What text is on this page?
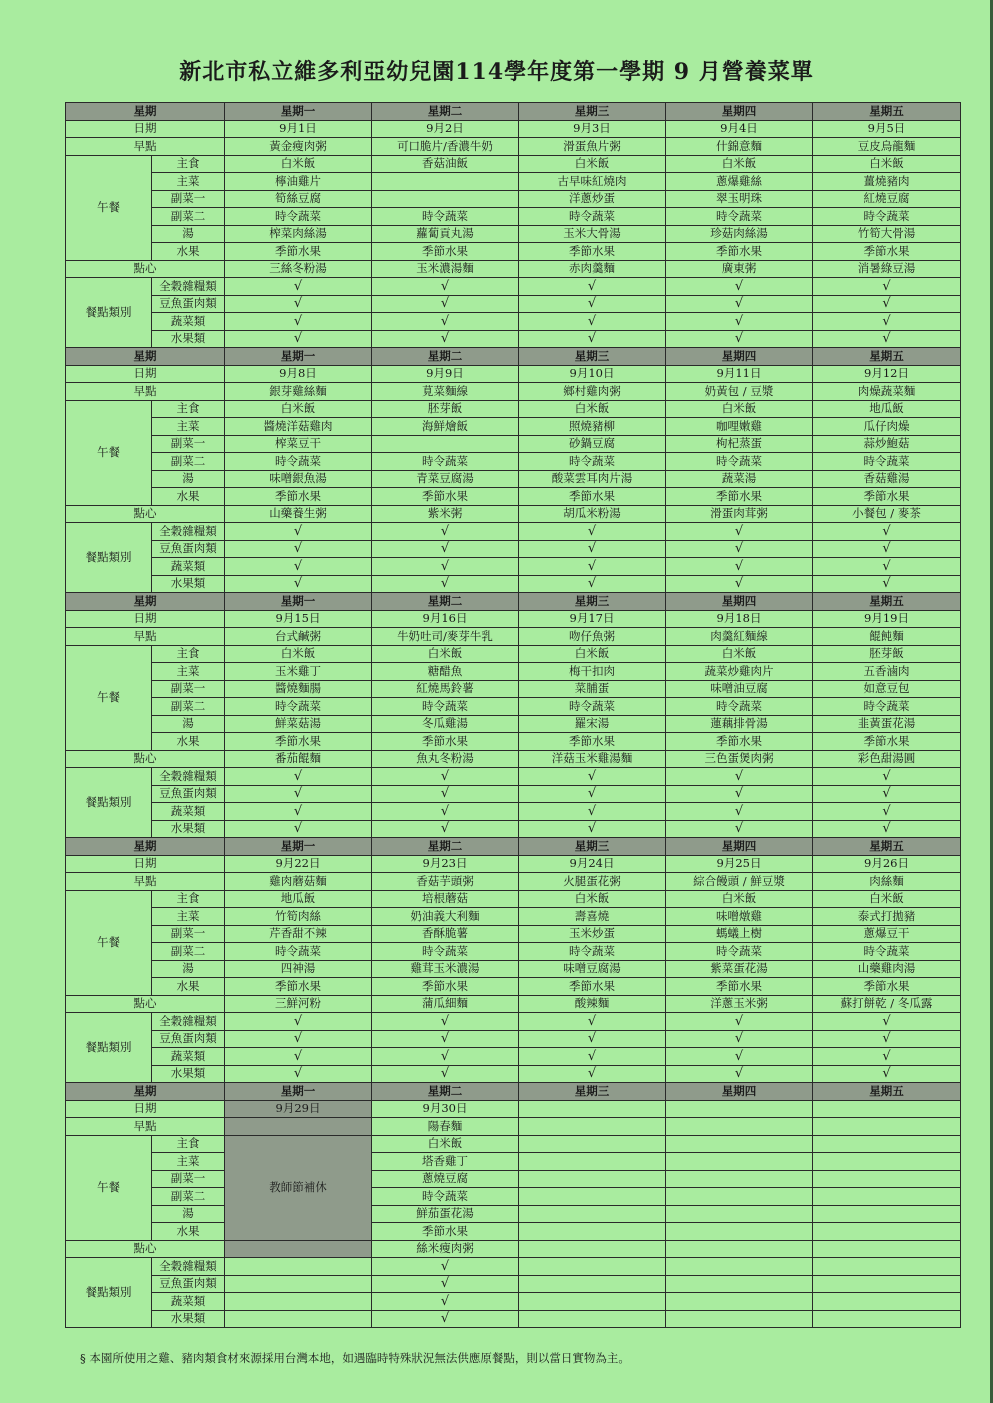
新北市私立維多利亞幼兒園114學年度第一學期 9 月營養菜單
星期		星期一	星期二	星期三	星期四	星期五
日期		9月1日	9月2日	9月3日	9月4日	9月5日
早點		黃金瘦肉粥	可口脆片/香濃牛奶	滑蛋魚片粥	什錦意麵	豆皮烏龍麵
午餐	主食	白米飯	香菇油飯	白米飯	白米飯	白米飯
	主菜	檸油雞片		古早味紅燒肉	蔥爆雞絲	薑燒豬肉
	副菜一	筍絲豆腐		洋蔥炒蛋	翠玉明珠	紅燒豆腐
	副菜二	時令蔬菜	時令蔬菜	時令蔬菜	時令蔬菜	時令蔬菜
	湯	榨菜肉絲湯	蘿蔔貢丸湯	玉米大骨湯	珍菇肉絲湯	竹筍大骨湯
	水果	季節水果	季節水果	季節水果	季節水果	季節水果
點心		三絲冬粉湯	玉米濃湯麵	赤肉羹麵	廣東粥	消暑綠豆湯
餐點類別	全穀雜糧類	√	√	√	√	√
	豆魚蛋肉類	√	√	√	√	√
	蔬菜類	√	√	√	√	√
	水果類	√	√	√	√	√
星期		星期一	星期二	星期三	星期四	星期五
日期		9月8日	9月9日	9月10日	9月11日	9月12日
早點		銀芽雞絲麵	莧菜麵線	鄉村雞肉粥	奶黃包 / 豆漿	肉燥蔬菜麵
午餐	主食	白米飯	胚芽飯	白米飯	白米飯	地瓜飯
	主菜	醬燒洋菇雞肉	海鮮燴飯	照燒豬柳	咖哩嫩雞	瓜仔肉燥
	副菜一	榨菜豆干		砂鍋豆腐	枸杞蒸蛋	蒜炒鮑菇
	副菜二	時令蔬菜	時令蔬菜	時令蔬菜	時令蔬菜	時令蔬菜
	湯	味噌銀魚湯	青菜豆腐湯	酸菜雲耳肉片湯	蔬菜湯	香菇雞湯
	水果	季節水果	季節水果	季節水果	季節水果	季節水果
點心		山藥養生粥	紫米粥	胡瓜米粉湯	滑蛋肉茸粥	小餐包 / 麥茶
餐點類別	全穀雜糧類	√	√	√	√	√
	豆魚蛋肉類	√	√	√	√	√
	蔬菜類	√	√	√	√	√
	水果類	√	√	√	√	√
星期		星期一	星期二	星期三	星期四	星期五
日期		9月15日	9月16日	9月17日	9月18日	9月19日
早點		台式鹹粥	牛奶吐司/麥芽牛乳	吻仔魚粥	肉羹紅麵線	餛飩麵
午餐	主食	白米飯	白米飯	白米飯	白米飯	胚芽飯
	主菜	玉米雞丁	糖醋魚	梅干扣肉	蔬菜炒雞肉片	五香滷肉
	副菜一	醬燒麵腸	紅燒馬鈴薯	菜脯蛋	味噌油豆腐	如意豆包
	副菜二	時令蔬菜	時令蔬菜	時令蔬菜	時令蔬菜	時令蔬菜
	湯	鮮菜菇湯	冬瓜雞湯	羅宋湯	蓮藕排骨湯	韭黃蛋花湯
	水果	季節水果	季節水果	季節水果	季節水果	季節水果
點心		番茄餛麵	魚丸冬粉湯	洋菇玉米雞湯麵	三色蛋煲肉粥	彩色甜湯圓
餐點類別	全穀雜糧類	√	√	√	√	√
	豆魚蛋肉類	√	√	√	√	√
	蔬菜類	√	√	√	√	√
	水果類	√	√	√	√	√
星期		星期一	星期二	星期三	星期四	星期五
日期		9月22日	9月23日	9月24日	9月25日	9月26日
早點		雞肉蘑菇麵	香菇芋頭粥	火腿蛋花粥	綜合饅頭 / 鮮豆漿	肉絲麵
午餐	主食	地瓜飯	培根蘑菇	白米飯	白米飯	白米飯
	主菜	竹筍肉絲	奶油義大利麵	壽喜燒	味噌燉雞	泰式打拋豬
	副菜一	芹香甜不辣	香酥脆薯	玉米炒蛋	螞蟻上樹	蔥爆豆干
	副菜二	時令蔬菜	時令蔬菜	時令蔬菜	時令蔬菜	時令蔬菜
	湯	四神湯	雞茸玉米濃湯	味噌豆腐湯	紫菜蛋花湯	山藥雞肉湯
	水果	季節水果	季節水果	季節水果	季節水果	季節水果
點心		三鮮河粉	蒲瓜細麵	酸辣麵	洋蔥玉米粥	蘇打餅乾 / 冬瓜露
餐點類別	全穀雜糧類	√	√	√	√	√
	豆魚蛋肉類	√	√	√	√	√
	蔬菜類	√	√	√	√	√
	水果類	√	√	√	√	√
星期		星期一	星期二	星期三	星期四	星期五
日期		9月29日	9月30日			
早點			陽春麵			
午餐	主食	教師節補休	白米飯			
	主菜		塔香雞丁			
	副菜一		蔥燒豆腐			
	副菜二		時令蔬菜			
	湯		鮮茄蛋花湯			
	水果		季節水果			
點心			絲米瘦肉粥			
餐點類別	全穀雜糧類		√			
	豆魚蛋肉類		√			
	蔬菜類		√			
	水果類		√			
§ 本園所使用之雞、豬肉類食材來源採用台灣本地，如遇臨時特殊狀況無法供應原餐點，則以當日實物為主。
